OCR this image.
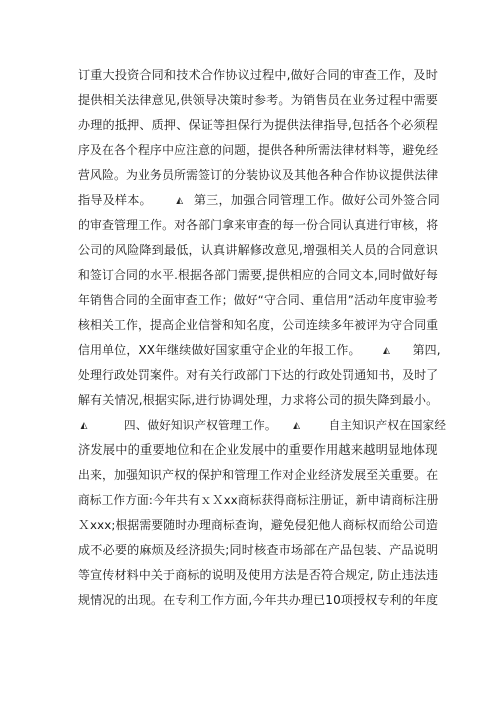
订重大投资合同和技术合作协议过程中,做好合同的审查工作，及时
提供相关法律意见,供领导决策时参考。为销售员在业务过程中需要
办理的抵押、质押、保证等担保行为提供法律指导,包括各个必须程
序及在各个程序中应注意的问题，提供各种所需法律材料等，避免经
营风险。为业务员所需签订的分装协议及其他各种合作协议提供法律
指导及样本。	◭ 第三，加强合同管理工作。做好公司外签合同
的审查管理工作。对各部门拿来审查的每一份合同认真进行审核，将
公司的风险降到最低，认真讲解修改意见,增强相关人员的合同意识
和签订合同的水平.根据各部门需要,提供相应的合同文本,同时做好每
年销售合同的全面审查工作；做好“守合同、重信用”活动年度审验考
核相关工作，提高企业信誉和知名度，公司连续多年被评为守合同重
信用单位，XX年继续做好国家重守企业的年报工作。 ◭ 第四,
处理行政处罚案件。对有关行政部门下达的行政处罚通知书，及时了
解有关情况,根据实际,进行协调处理，力求将公司的损失降到最小。
◭	四、做好知识产权管理工作。 ◭ 自主知识产权在国家经
济发展中的重要地位和在企业发展中的重要作用越来越明显地体现
出来，加强知识产权的保护和管理工作对企业经济发展至关重要。在
商标工作方面:今年共有ｘＸxx商标获得商标注册证，新申请商标注册
Ｘxxx;根据需要随时办理商标查询，避免侵犯他人商标权而给公司造
成不必要的麻烦及经济损失;同时核查市场部在产品包装、产品说明
等宣传材料中关于商标的说明及使用方法是否符合规定, 防止违法违
规情况的出现。在专利工作方面,今年共办理已10项授权专利的年度
